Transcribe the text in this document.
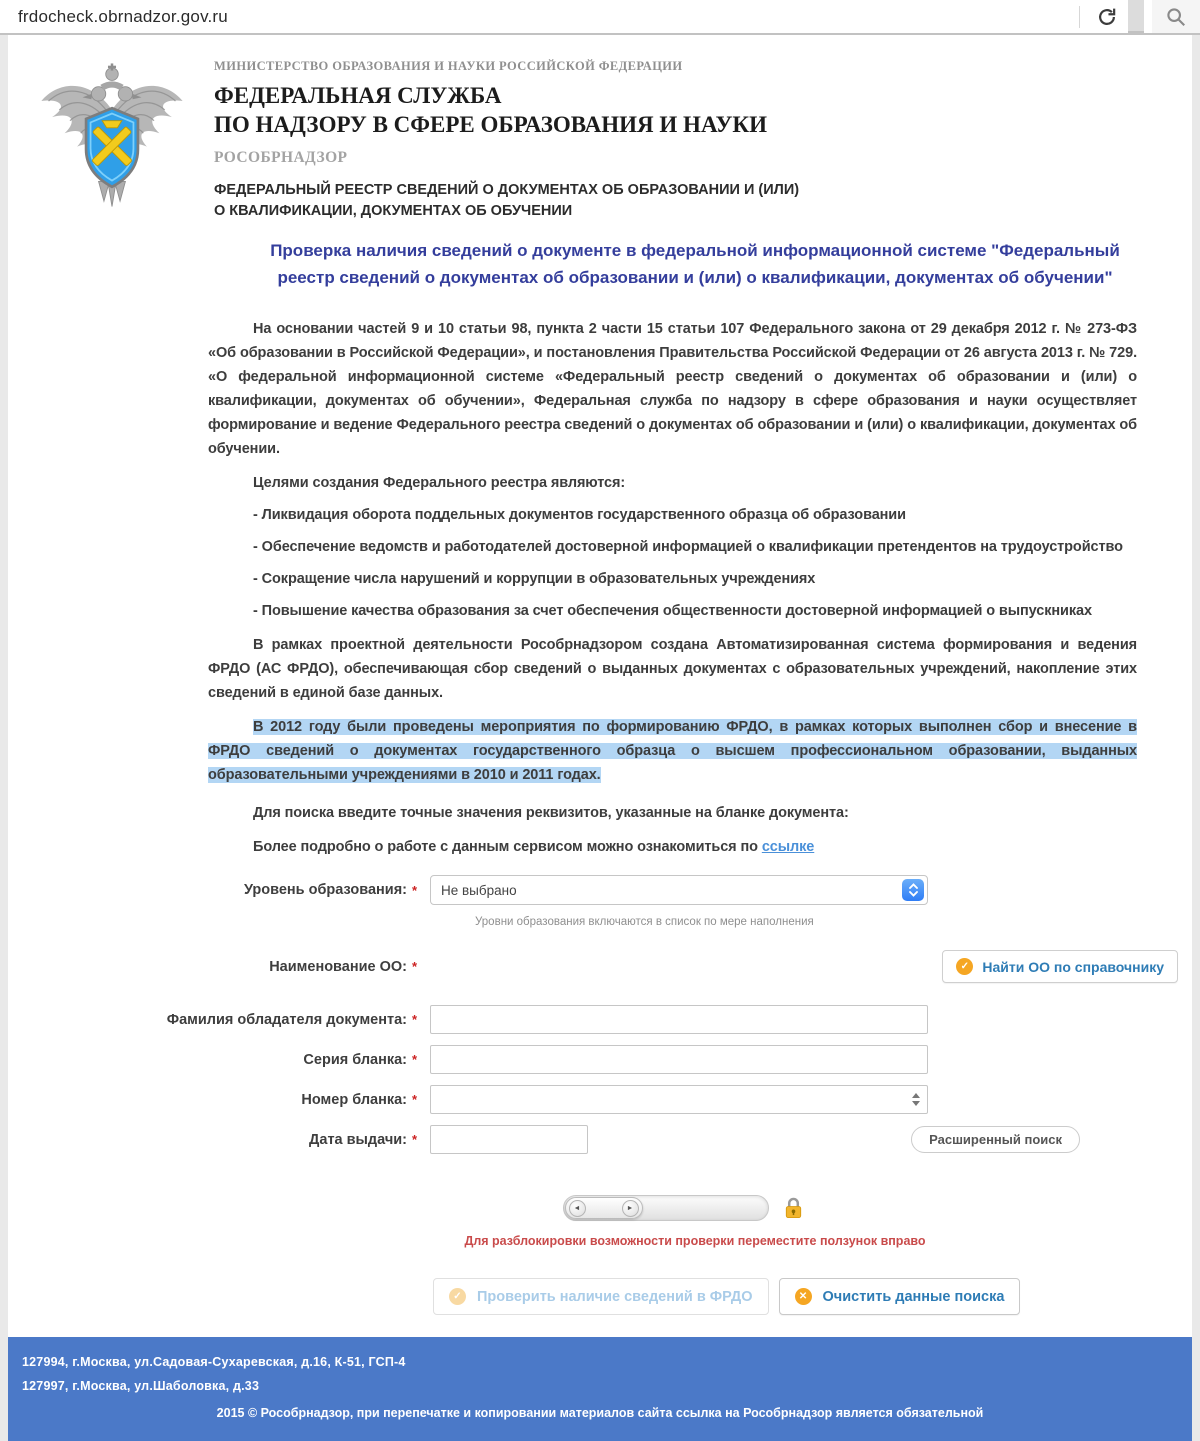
frdocheck.obrnadzor.gov.ru
МИНИСТЕРСТВО ОБРАЗОВАНИЯ И НАУКИ РОССИЙСКОЙ ФЕДЕРАЦИИ
ФЕДЕРАЛЬНАЯ СЛУЖБА
ПО НАДЗОРУ В СФЕРЕ ОБРАЗОВАНИЯ И НАУКИ
РОСОБРНАДЗОР
ФЕДЕРАЛЬНЫЙ РЕЕСТР СВЕДЕНИЙ О ДОКУМЕНТАХ ОБ ОБРАЗОВАНИИ И (ИЛИ)
О КВАЛИФИКАЦИИ, ДОКУМЕНТАХ ОБ ОБУЧЕНИИ
Проверка наличия сведений о документе в федеральной информационной системе "Федеральный реестр сведений о документах об образовании и (или) о квалификации, документах об обучении"

На основании частей 9 и 10 статьи 98, пункта 2 части 15 статьи 107 Федерального закона от 29 декабря 2012 г. № 273-ФЗ «Об образовании в Российской Федерации», и постановления Правительства Российской Федерации от 26 августа 2013 г. № 729. «О федеральной информационной системе «Федеральный реестр сведений о документах об образовании и (или) о квалификации, документах об обучении», Федеральная служба по надзору в сфере образования и науки осуществляет формирование и ведение Федерального реестра сведений о документах об образовании и (или) о квалификации, документах об обучении.

Целями создания Федерального реестра являются:

- Ликвидация оборота поддельных документов государственного образца об образовании

- Обеспечение ведомств и работодателей достоверной информацией о квалификации претендентов на трудоустройство

- Сокращение числа нарушений и коррупции в образовательных учреждениях

- Повышение качества образования за счет обеспечения общественности достоверной информацией о выпускниках

В рамках проектной деятельности Рособрнадзором создана Автоматизированная система формирования и ведения ФРДО (АС ФРДО), обеспечивающая сбор сведений о выданных документах с образовательных учреждений, накопление этих сведений в единой базе данных.

В 2012 году были проведены мероприятия по формированию ФРДО, в рамках которых выполнен сбор и внесение в ФРДО сведений о документах государственного образца о высшем профессиональном образовании, выданных образовательными учреждениями в 2010 и 2011 годах.

Для поиска введите точные значения реквизитов, указанные на бланке документа:

Более подробно о работе с данным сервисом можно ознакомиться по ссылке

Уровень образования: * Не выбрано
Уровни образования включаются в список по мере наполнения
Наименование ОО: *	✓ Найти ОО по справочнику
Фамилия обладателя документа: *
Серия бланка: *
Номер бланка: *
Дата выдачи: *	Расширенный поиск
◄	►
Для разблокировки возможности проверки переместите ползунок вправо
✓ Проверить наличие сведений в ФРДО	✕ Очистить данные поиска
127994, г.Москва, ул.Садовая-Сухаревская, д.16, К-51, ГСП-4
127997, г.Москва, ул.Шаболовка, д.33
2015 © Рособрнадзор, при перепечатке и копировании материалов сайта ссылка на Рособрнадзор является обязательной
